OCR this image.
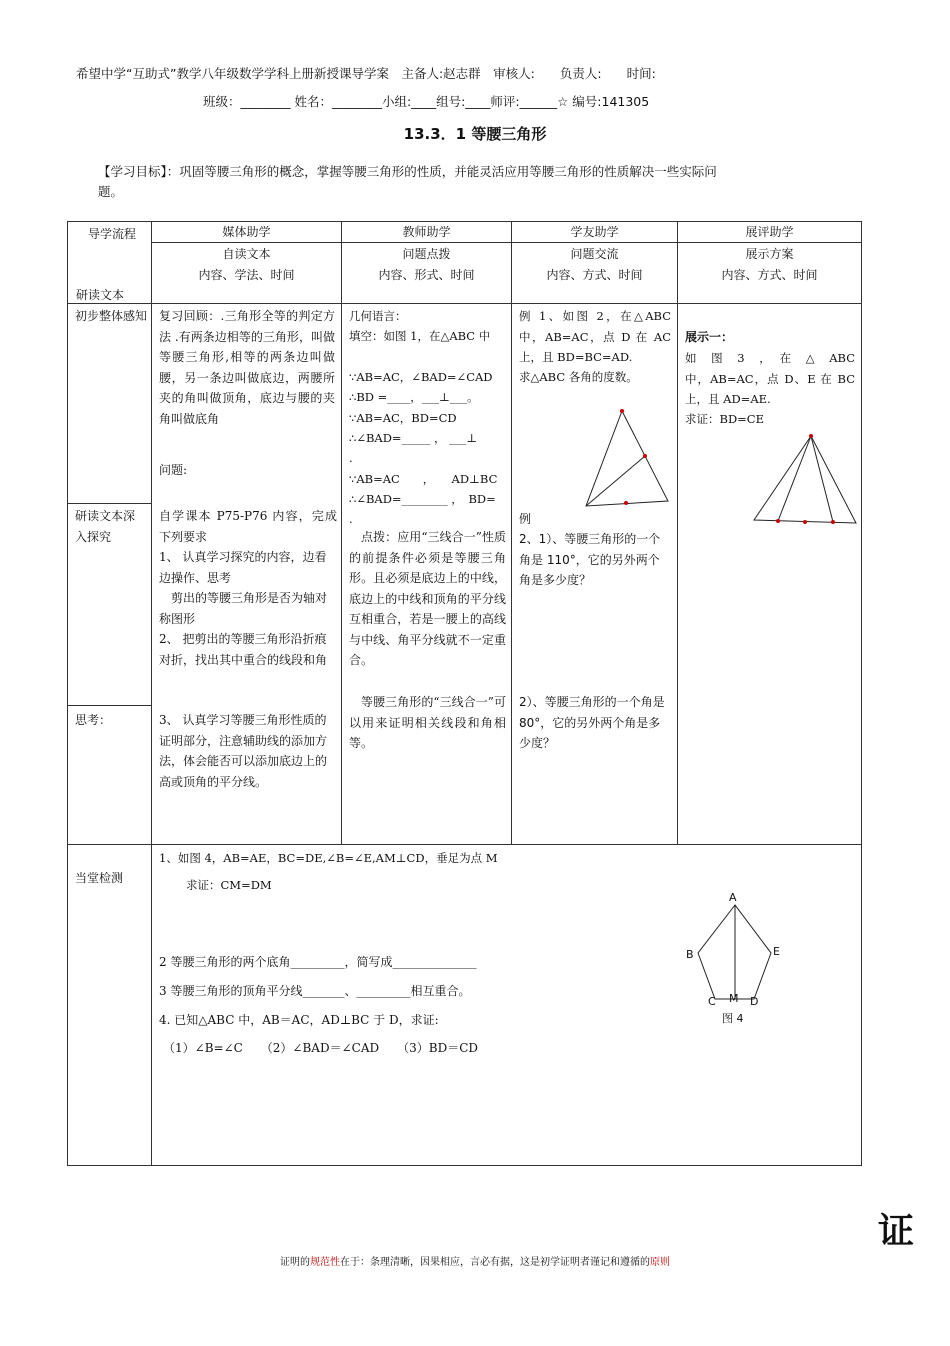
希望中学“互助式”教学八年级数学学科上册新授课导学案　主备人:赵志群　审核人:　　负责人:　　时间:
班级：________ 姓名：________小组:____组号:____师评:______☆ 编号:141305
13.3．1 等腰三角形
【学习目标】：巩固等腰三角形的概念，掌握等腰三角形的性质，并能灵活应用等腰三角形的性质解决一些实际问
题。
导学流程
研读文本
媒体助学
自读文本
内容、学法、时间
教师助学
问题点拨
内容、形式、时间
学友助学
问题交流
内容、方式、时间
展评助学
展示方案
内容、方式、时间
初步整体感知
研读文本深入探究
思考：
当堂检测
复习回顾：.三角形全等的判定方法 .有两条边相等的三角形，叫做等腰三角形,相等的两条边叫做腰，另一条边叫做底边，两腰所夹的角叫做顶角，底边与腰的夹角叫做底角
问题:
自学课本 P75-P76 内容，完成下列要求
1、 认真学习探究的内容，边看边操作、思考
　剪出的等腰三角形是否为轴对称图形
2、 把剪出的等腰三角形沿折痕对折，找出其中重合的线段和角
3、 认真学习等腰三角形性质的证明部分，注意辅助线的添加方法，体会能否可以添加底边上的高或顶角的平分线。
几何语言：
填空：如图 1，在△ABC 中
∵AB=AC，∠BAD=∠CAD
∴BD =____，___⊥___。
∵AB=AC，BD=CD
∴∠BAD=_____ ， ___⊥
.
∵AB=AC　　，　　AD⊥BC
∴∠BAD=________ ，　BD=
.
　点拨：应用“三线合一”性质的前提条件必须是等腰三角形。且必须是底边上的中线，底边上的中线和顶角的平分线互相重合，若是一腰上的高线与中线、角平分线就不一定重合。
　等腰三角形的“三线合一”可以用来证明相关线段和角相等。
例 1、如图 2，在△ABC 中，AB=AC，点 D 在 AC 上，且 BD=BC=AD.
求△ABC 各角的度数。
例
2、1）、等腰三角形的一个角是 110°，它的另外两个角是多少度？
2）、等腰三角形的一个角是 80°，它的另外两个角是多少度？
展示一：
如　图　3　，　在　△　ABC 中，AB=AC，点 D、E 在 BC 上，且 AD=AE.
求证：BD=CE
1、如图 4，AB=AE，BC=DE,∠B=∠E,AM⊥CD，垂足为点 M
求证：CM=DM
2 等腰三角形的两个底角_________，简写成______________
3 等腰三角形的顶角平分线_______、_________相互重合。
4. 已知△ABC 中，AB＝AC，AD⊥BC 于 D，求证:
（1）∠B=∠C　　（2）∠BAD＝∠CAD　　（3）BD＝CD
A
B	E
C M D
图 4
证
证明的规范性在于：条理清晰，因果相应，言必有据，这是初学证明者谨记和遵循的原则
